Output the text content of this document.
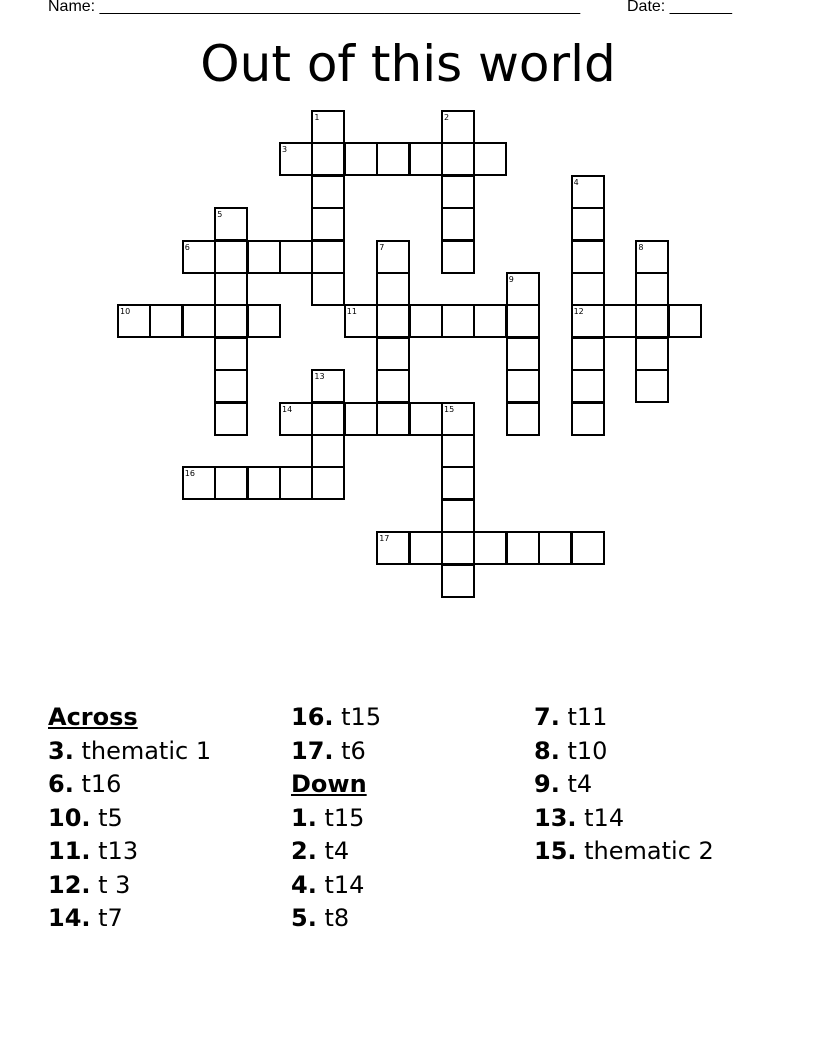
Name: ______________________________________________________	Date: _______
Out of this world
1	2
3
4
12
5
6	7	8
9
10	11
13
14	15
16
17
Across
3. thematic 1
6. t16
10. t5
11. t13
12. t 3
14. t7
16. t15
17. t6
Down
1. t15
2. t4
4. t14
5. t8
7. t11
8. t10
9. t4
13. t14
15. thematic 2
